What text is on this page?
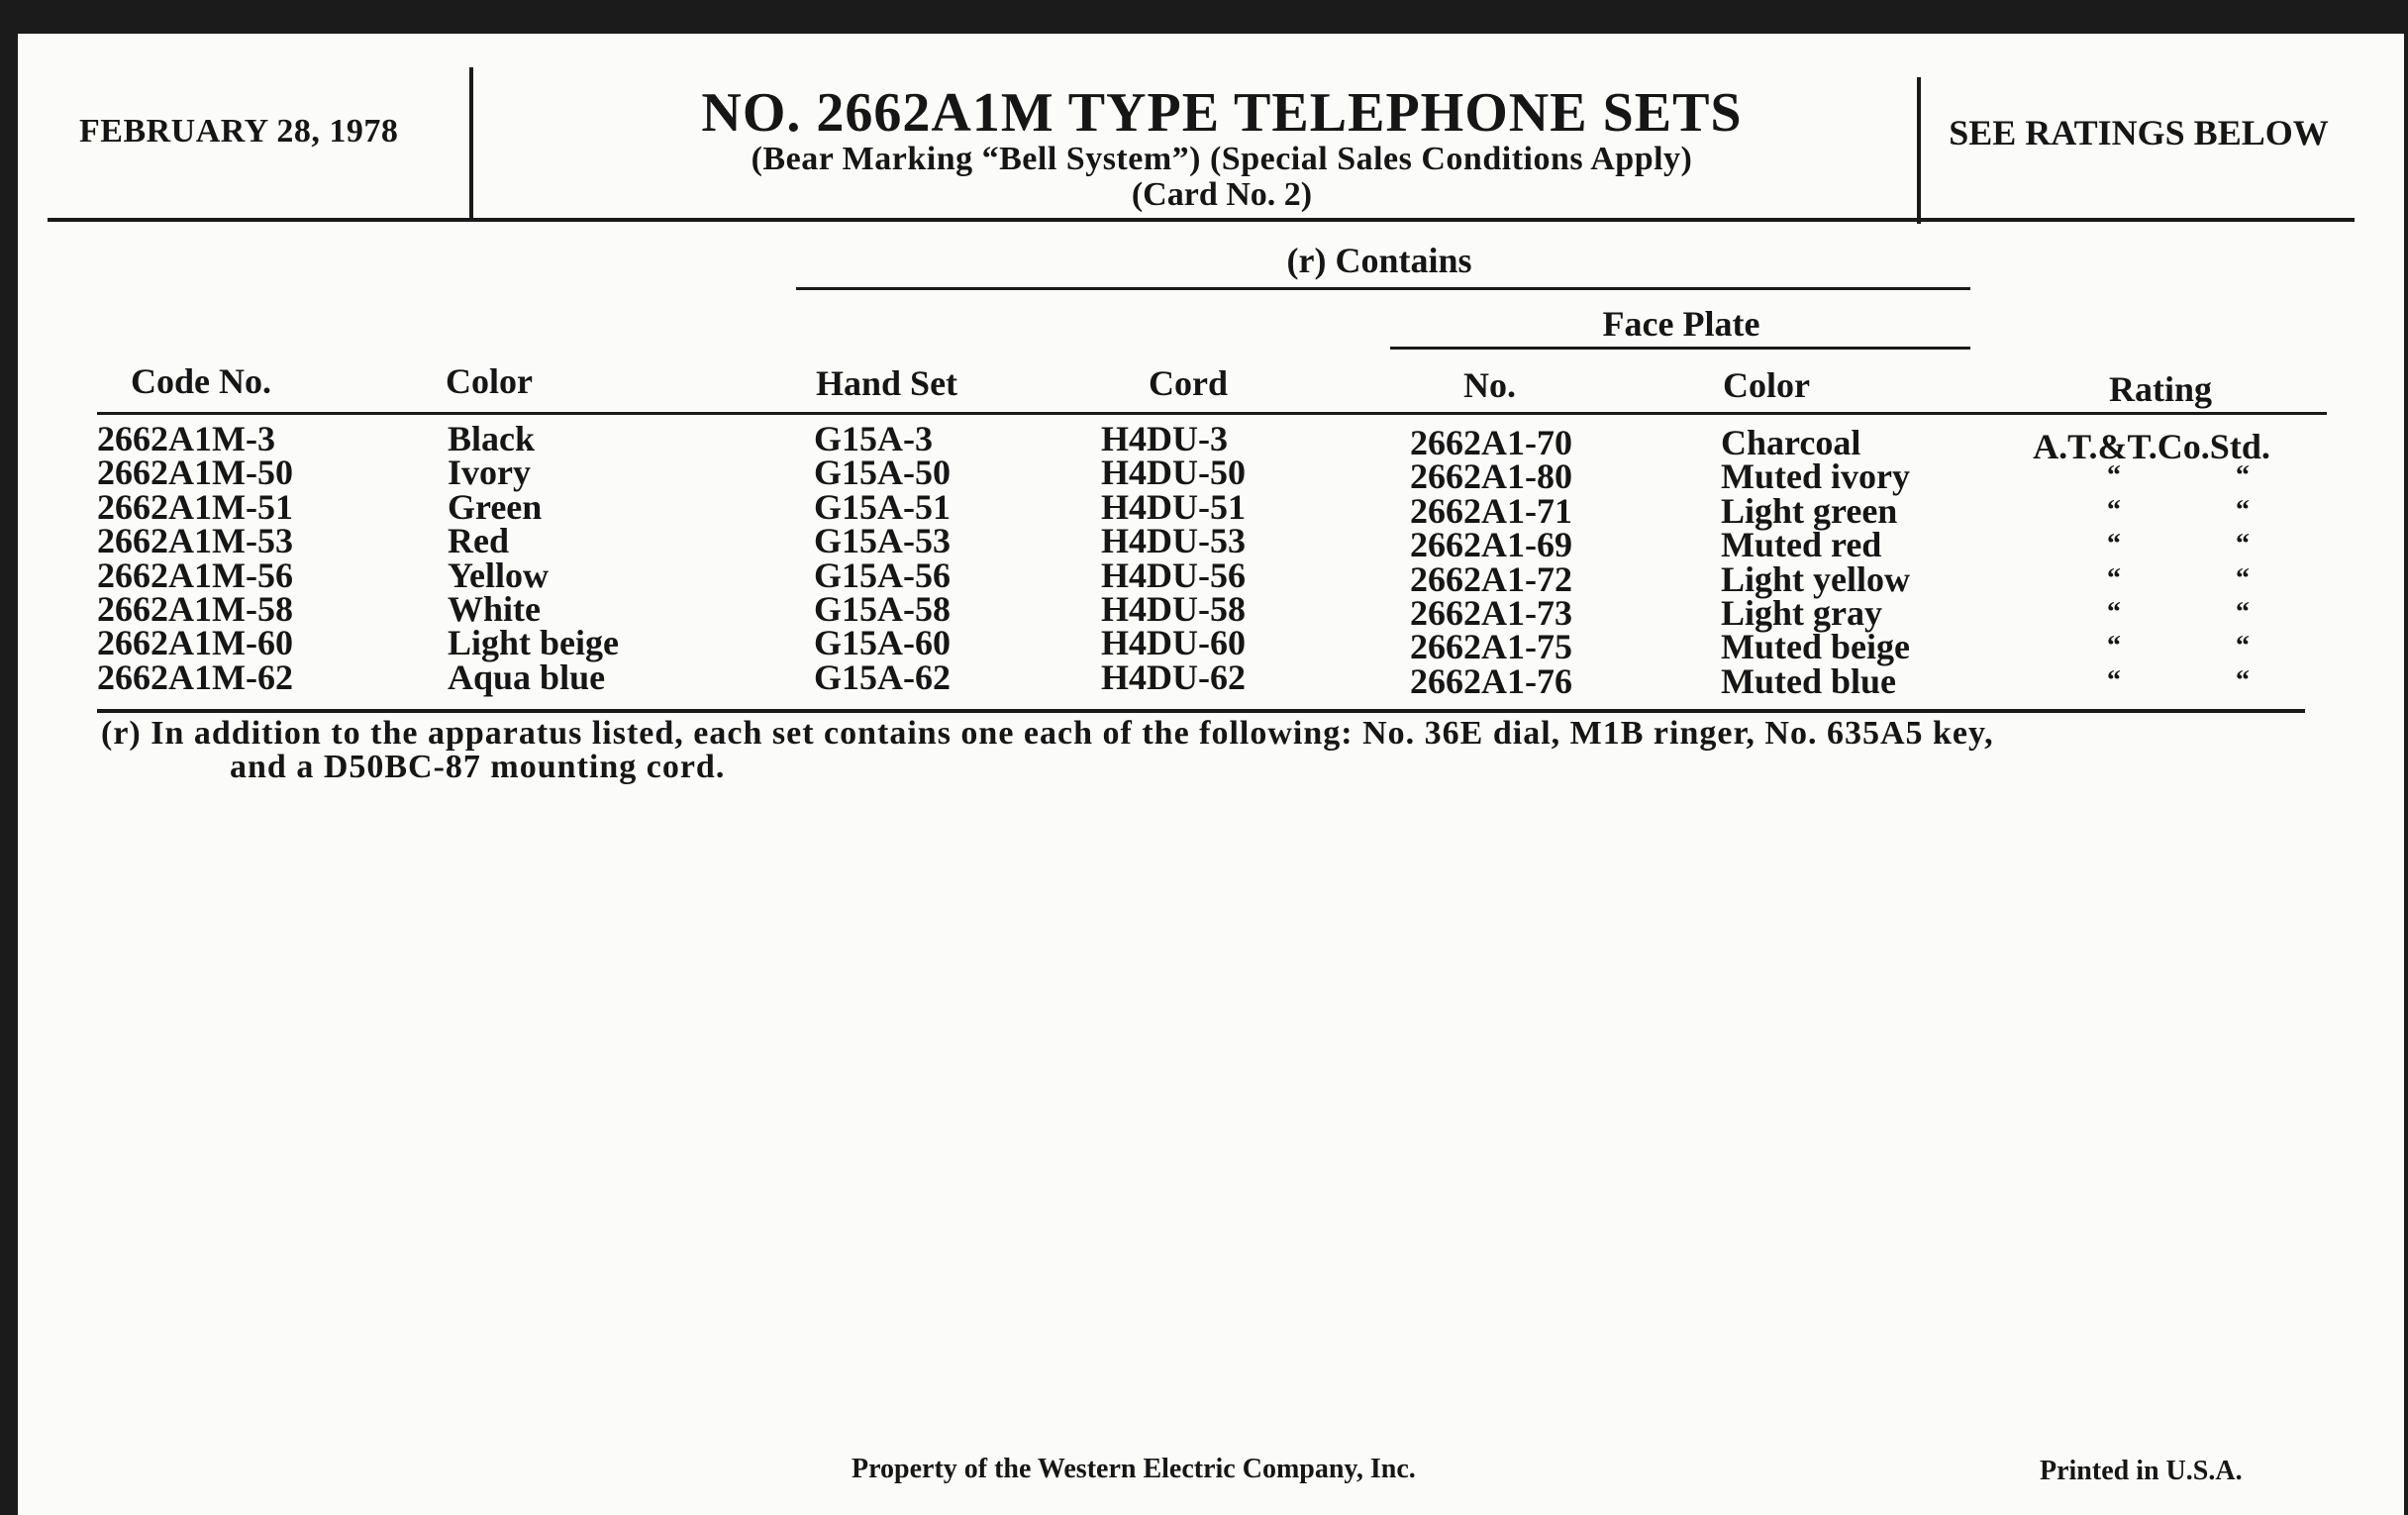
FEBRUARY 28, 1978	NO. 2662A1M TYPE TELEPHONE SETS
(Bear Marking “Bell System”) (Special Sales Conditions Apply)
(Card No. 2)
SEE RATINGS BELOW
(r) Contains
Face Plate
Code No.	Color	Hand Set	Cord	No.	Color	Rating
2662A1M-3	Black	G15A-3	H4DU-3	2662A1-70	Charcoal	A.T.&T.Co.Std.
2662A1M-50	Ivory	G15A-50	H4DU-50	2662A1-80	Muted ivory	“	“
2662A1M-51	Green	G15A-51	H4DU-51	2662A1-71	Light green	“	“
2662A1M-53	Red	G15A-53	H4DU-53	2662A1-69	Muted red	“	“
2662A1M-56	Yellow	G15A-56	H4DU-56	2662A1-72	Light yellow	“	“
2662A1M-58	White	G15A-58	H4DU-58	2662A1-73	Light gray	“	“
2662A1M-60	Light beige	G15A-60	H4DU-60	2662A1-75	Muted beige	“	“
2662A1M-62	Aqua blue	G15A-62	H4DU-62	2662A1-76	Muted blue	“	“
(r) In addition to the apparatus listed, each set contains one each of the following: No. 36E dial, M1B ringer, No. 635A5 key,
and a D50BC-87 mounting cord.
Property of the Western Electric Company, Inc.	Printed in U.S.A.
